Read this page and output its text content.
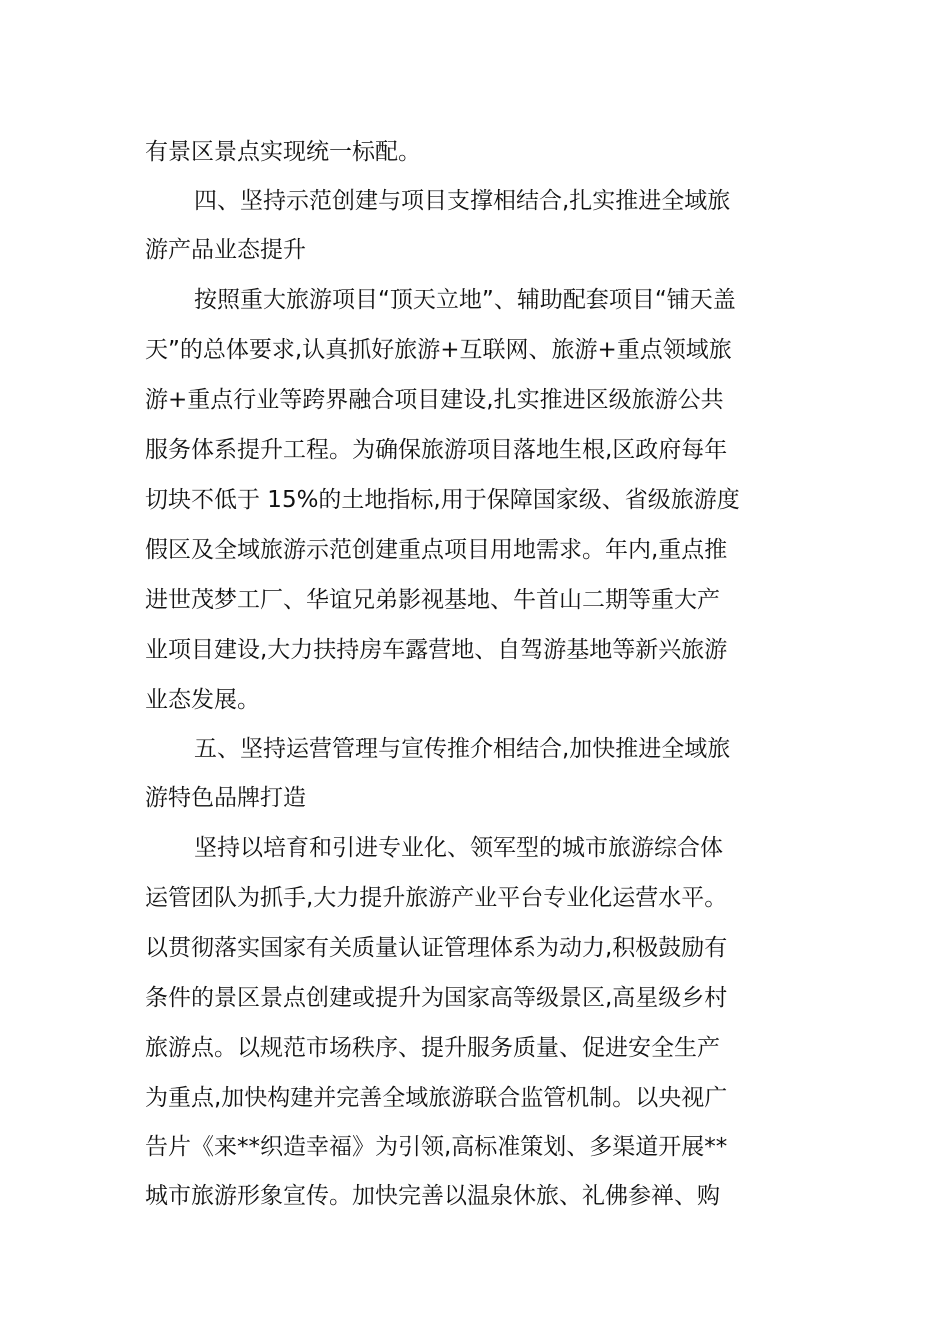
有景区景点实现统一标配。
四、坚持示范创建与项目支撑相结合,扎实推进全域旅
游产品业态提升
按照重大旅游项目“顶天立地”、辅助配套项目“铺天盖
天”的总体要求,认真抓好旅游+互联网、旅游+重点领域旅
游+重点行业等跨界融合项目建设,扎实推进区级旅游公共
服务体系提升工程。为确保旅游项目落地生根,区政府每年
切块不低于 15%的土地指标,用于保障国家级、省级旅游度
假区及全域旅游示范创建重点项目用地需求。年内,重点推
进世茂梦工厂、华谊兄弟影视基地、牛首山二期等重大产
业项目建设,大力扶持房车露营地、自驾游基地等新兴旅游
业态发展。
五、坚持运营管理与宣传推介相结合,加快推进全域旅
游特色品牌打造
坚持以培育和引进专业化、领军型的城市旅游综合体
运管团队为抓手,大力提升旅游产业平台专业化运营水平。
以贯彻落实国家有关质量认证管理体系为动力,积极鼓励有
条件的景区景点创建或提升为国家高等级景区,高星级乡村
旅游点。以规范市场秩序、提升服务质量、促进安全生产
为重点,加快构建并完善全域旅游联合监管机制。以央视广
告片《来**织造幸福》为引领,高标准策划、多渠道开展**
城市旅游形象宣传。加快完善以温泉休旅、礼佛参禅、购
